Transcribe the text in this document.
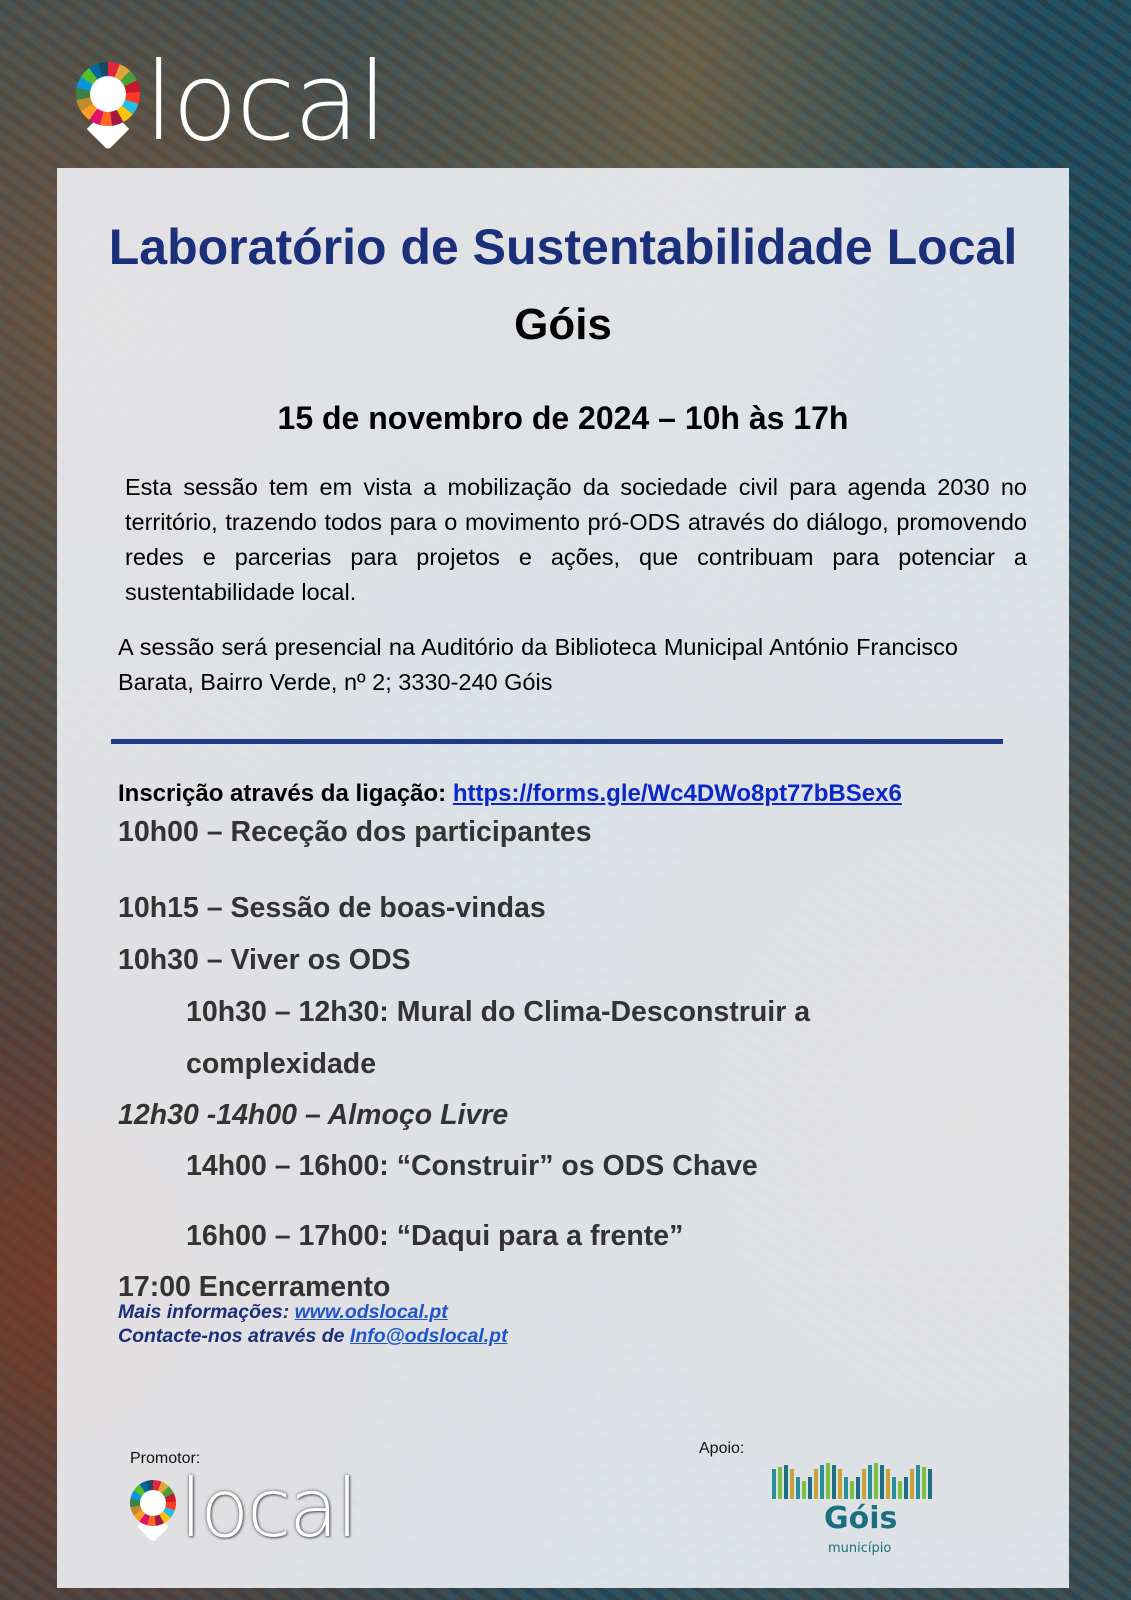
local
Laboratório de Sustentabilidade Local
Góis
15 de novembro de 2024 – 10h às 17h
Esta sessão tem em vista a mobilização da sociedade civil para agenda 2030 no território, trazendo todos para o movimento pró-ODS através do diálogo, promovendo redes e parcerias para projetos e ações, que contribuam para potenciar a sustentabilidade local.
A sessão será presencial na Auditório da Biblioteca Municipal António Francisco Barata, Bairro Verde, nº 2; 3330-240 Góis
Inscrição através da ligação: https://forms.gle/Wc4DWo8pt77bBSex6
10h00 – Receção dos participantes
10h15 – Sessão de boas-vindas
10h30 – Viver os ODS
10h30 – 12h30: Mural do Clima-Desconstruir a
complexidade
12h30 -14h00 – Almoço Livre
14h00 – 16h00: “Construir” os ODS Chave
16h00 – 17h00: “Daqui para a frente”
17:00 Encerramento
Mais informações: www.odslocal.pt
Contacte-nos através de Info@odslocal.pt
Promotor:
local
Apoio:
Góis
município
